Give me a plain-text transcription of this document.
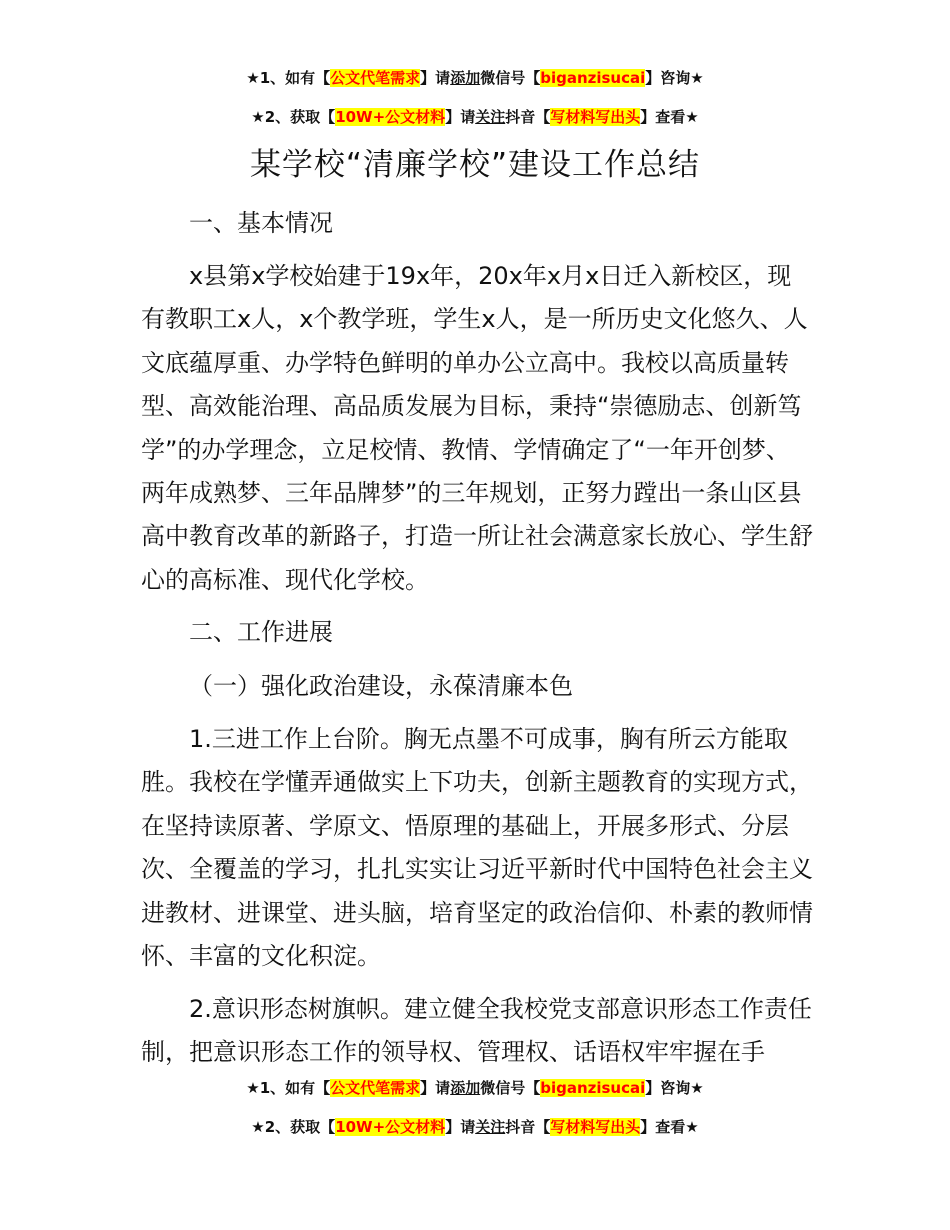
★1、如有【公文代笔需求】请添加微信号【biganzisucai】咨询★
★2、获取【10W+公文材料】请关注抖音【写材料写出头】查看★
某学校“清廉学校”建设工作总结

一、基本情况

x县第x学校始建于19x年，20x年x月x日迁入新校区，现有教职工x人，x个教学班，学生x人，是一所历史文化悠久、人文底蕴厚重、办学特色鲜明的单办公立高中。我校以高质量转型、高效能治理、高品质发展为目标，秉持“崇德励志、创新笃学”的办学理念，立足校情、教情、学情确定了“一年开创梦、两年成熟梦、三年品牌梦”的三年规划，正努力蹚出一条山区县高中教育改革的新路子，打造一所让社会满意家长放心、学生舒心的高标准、现代化学校。

二、工作进展

（一）强化政治建设，永葆清廉本色

1.三进工作上台阶。胸无点墨不可成事，胸有所云方能取胜。我校在学懂弄通做实上下功夫，创新主题教育的实现方式，在坚持读原著、学原文、悟原理的基础上，开展多形式、分层次、全覆盖的学习，扎扎实实让习近平新时代中国特色社会主义进教材、进课堂、进头脑，培育坚定的政治信仰、朴素的教师情怀、丰富的文化积淀。

2.意识形态树旗帜。建立健全我校党支部意识形态工作责任制，把意识形态工作的领导权、管理权、话语权牢牢握在手

★1、如有【公文代笔需求】请添加微信号【biganzisucai】咨询★
★2、获取【10W+公文材料】请关注抖音【写材料写出头】查看★
